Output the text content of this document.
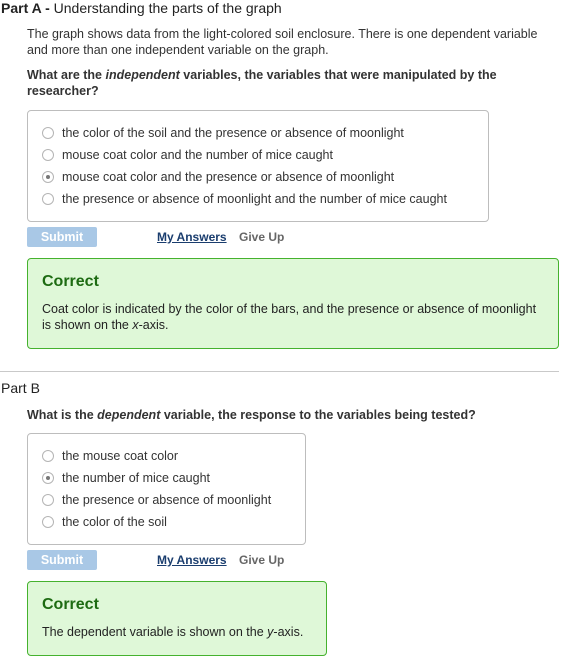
Part A - Understanding the parts of the graph
The graph shows data from the light-colored soil enclosure. There is one dependent variable and more than one independent variable on the graph.
What are the independent variables, the variables that were manipulated by the researcher?
the color of the soil and the presence or absence of moonlight
mouse coat color and the number of mice caught
mouse coat color and the presence or absence of moonlight
the presence or absence of moonlight and the number of mice caught
Submit	My Answers Give Up
Correct
Coat color is indicated by the color of the bars, and the presence or absence of moonlight is shown on the x-axis.
Part B
What is the dependent variable, the response to the variables being tested?
the mouse coat color
the number of mice caught
the presence or absence of moonlight
the color of the soil
Submit	My Answers Give Up
Correct
The dependent variable is shown on the y-axis.
